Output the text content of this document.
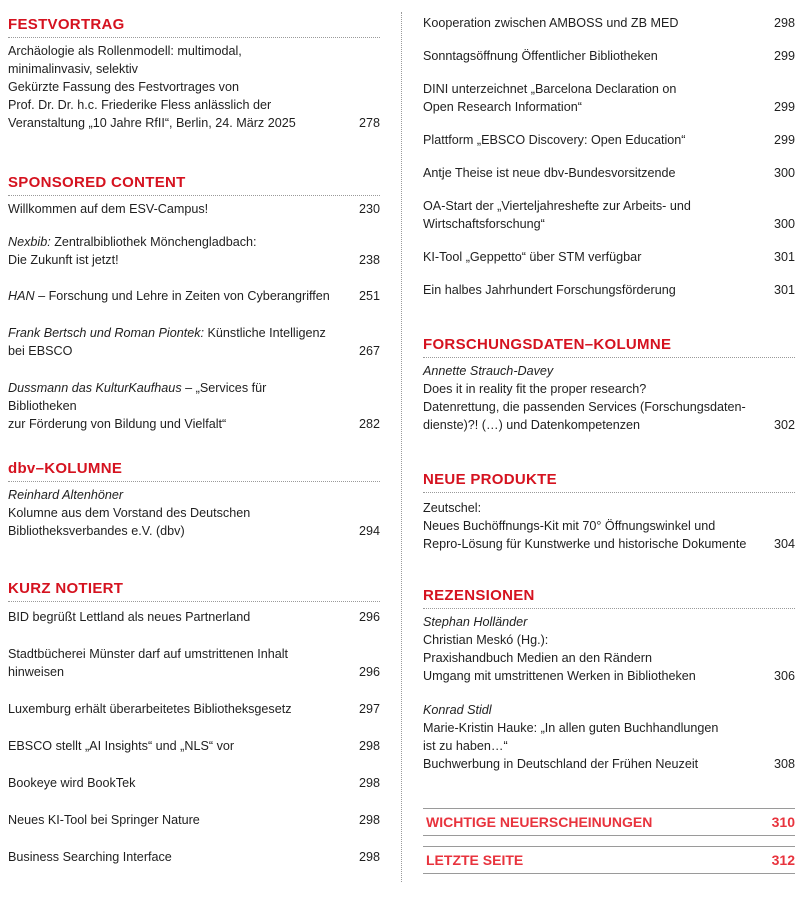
FESTVORTRAG
Archäologie als Rollenmodell: multimodal,
minimalinvasiv, selektiv
Gekürzte Fassung des Festvortrages von
Prof. Dr. Dr. h.c. Friederike Fless anlässlich der
Veranstaltung „10 Jahre RfII“, Berlin, 24. März 2025	278
SPONSORED CONTENT
Willkommen auf dem ESV-Campus!	230
Nexbib: Zentralbibliothek Mönchengladbach:
Die Zukunft ist jetzt!	238
HAN – Forschung und Lehre in Zeiten von Cyberangriffen	251
Frank Bertsch und Roman Piontek: Künstliche Intelligenz
bei EBSCO	267
Dussmann das KulturKaufhaus – „Services für Bibliotheken
zur Förderung von Bildung und Vielfalt“	282
dbv–KOLUMNE
Reinhard Altenhöner
Kolumne aus dem Vorstand des Deutschen
Bibliotheksverbandes e.V. (dbv)	294
KURZ NOTIERT
BID begrüßt Lettland als neues Partnerland	296
Stadtbücherei Münster darf auf umstrittenen Inhalt
hinweisen	296
Luxemburg erhält überarbeitetes Bibliotheksgesetz	297
EBSCO stellt „AI Insights“ und „NLS“ vor	298
Bookeye wird BookTek	298
Neues KI-Tool bei Springer Nature	298
Business Searching Interface	298
Kooperation zwischen AMBOSS und ZB MED	298
Sonntagsöffnung Öffentlicher Bibliotheken	299
DINI unterzeichnet „Barcelona Declaration on
Open Research Information“	299
Plattform „EBSCO Discovery: Open Education“	299
Antje Theise ist neue dbv-Bundesvorsitzende	300
OA-Start der „Vierteljahreshefte zur Arbeits- und
Wirtschaftsforschung“	300
KI-Tool „Geppetto“ über STM verfügbar	301
Ein halbes Jahrhundert Forschungsförderung	301
FORSCHUNGSDATEN–KOLUMNE
Annette Strauch-Davey
Does it in reality fit the proper research?
Datenrettung, die passenden Services (Forschungsdaten-
dienste)?! (…) und Datenkompetenzen	302
NEUE PRODUKTE
Zeutschel:
Neues Buchöffnungs-Kit mit 70° Öffnungswinkel und
Repro-Lösung für Kunstwerke und historische Dokumente	304
REZENSIONEN
Stephan Holländer
Christian Meskó (Hg.):
Praxishandbuch Medien an den Rändern
Umgang mit umstrittenen Werken in Bibliotheken	306
Konrad Stidl
Marie-Kristin Hauke: „In allen guten Buchhandlungen
ist zu haben…“
Buchwerbung in Deutschland der Frühen Neuzeit	308
WICHTIGE NEUERSCHEINUNGEN	310
LETZTE SEITE	312
